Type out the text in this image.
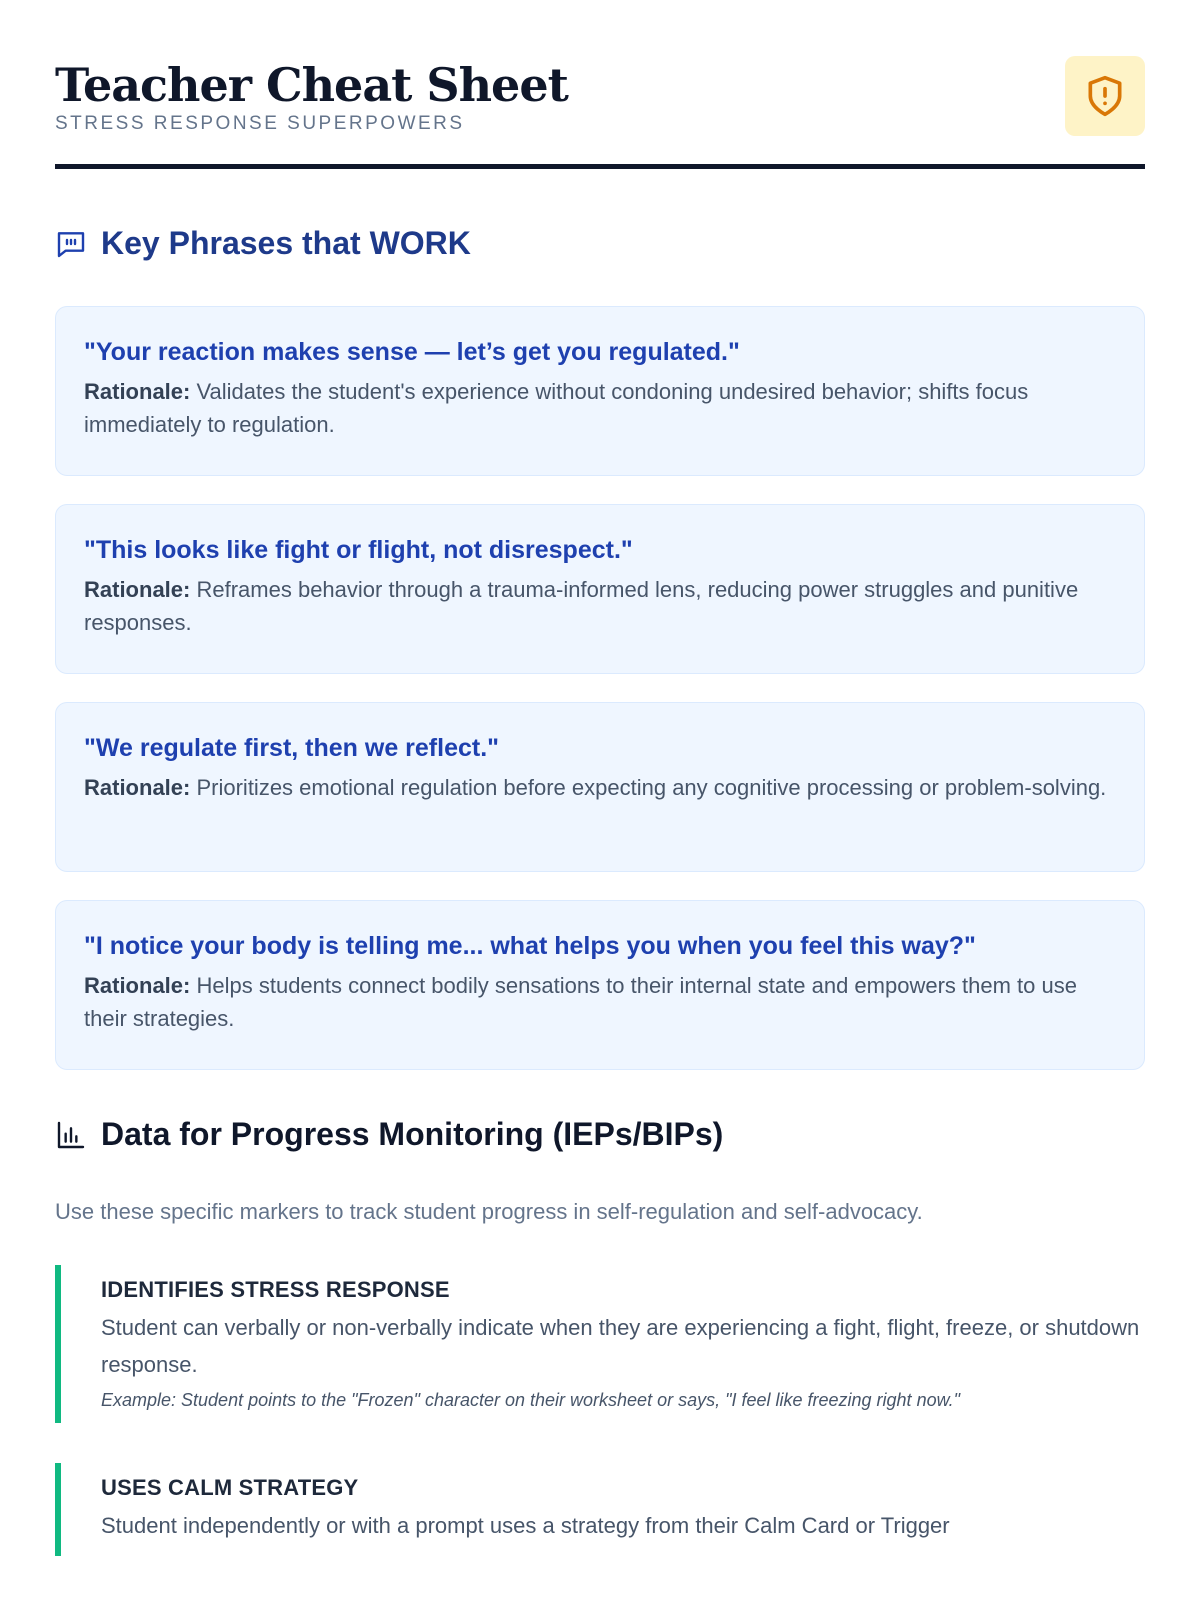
Teacher Cheat Sheet
STRESS RESPONSE SUPERPOWERS
Key Phrases that WORK
"Your reaction makes sense — let’s get you regulated."
Rationale: Validates the student's experience without condoning undesired behavior; shifts focus immediately to regulation.
"This looks like fight or flight, not disrespect."
Rationale: Reframes behavior through a trauma-informed lens, reducing power struggles and punitive responses.
"We regulate first, then we reflect."
Rationale: Prioritizes emotional regulation before expecting any cognitive processing or problem-solving.
"I notice your body is telling me... what helps you when you feel this way?"
Rationale: Helps students connect bodily sensations to their internal state and empowers them to use their strategies.
Data for Progress Monitoring (IEPs/BIPs)
Use these specific markers to track student progress in self-regulation and self-advocacy.
IDENTIFIES STRESS RESPONSE
Student can verbally or non-verbally indicate when they are experiencing a fight, flight, freeze, or shutdown response.
Example: Student points to the "Frozen" character on their worksheet or says, "I feel like freezing right now."
USES CALM STRATEGY
Student independently or with a prompt uses a strategy from their Calm Card or Trigger
